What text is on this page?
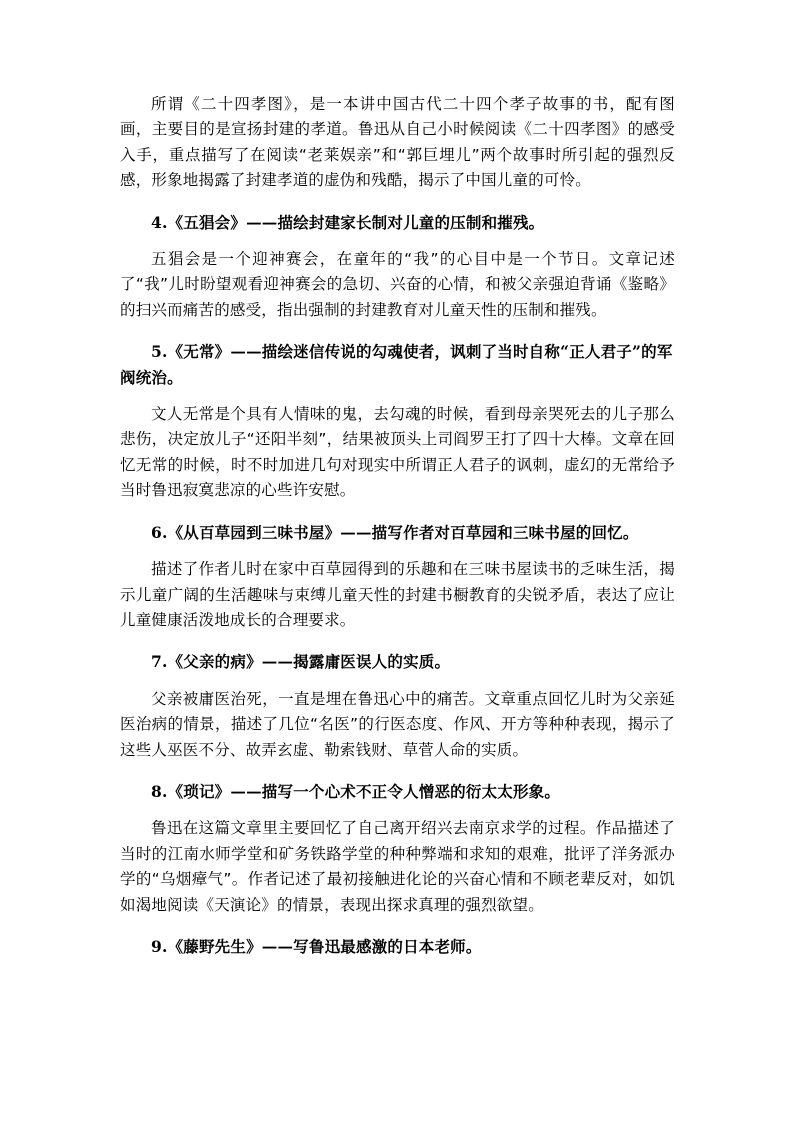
所谓《二十四孝图》，是一本讲中国古代二十四个孝子故事的书，配有图画，主要目的是宣扬封建的孝道。鲁迅从自己小时候阅读《二十四孝图》的感受入手，重点描写了在阅读“老莱娱亲”和“郭巨埋儿”两个故事时所引起的强烈反感，形象地揭露了封建孝道的虚伪和残酷，揭示了中国儿童的可怜。

4.《五猖会》——描绘封建家长制对儿童的压制和摧残。

五猖会是一个迎神赛会，在童年的“我”的心目中是一个节日。文章记述了“我”儿时盼望观看迎神赛会的急切、兴奋的心情，和被父亲强迫背诵《鉴略》的扫兴而痛苦的感受，指出强制的封建教育对儿童天性的压制和摧残。

5.《无常》——描绘迷信传说的勾魂使者，讽刺了当时自称“正人君子”的军阀统治。

文人无常是个具有人情味的鬼，去勾魂的时候，看到母亲哭死去的儿子那么悲伤，决定放儿子“还阳半刻”，结果被顶头上司阎罗王打了四十大棒。文章在回忆无常的时候，时不时加进几句对现实中所谓正人君子的讽刺，虚幻的无常给予当时鲁迅寂寞悲凉的心些许安慰。

6.《从百草园到三味书屋》——描写作者对百草园和三味书屋的回忆。

描述了作者儿时在家中百草园得到的乐趣和在三味书屋读书的乏味生活，揭示儿童广阔的生活趣味与束缚儿童天性的封建书橱教育的尖锐矛盾，表达了应让儿童健康活泼地成长的合理要求。

7.《父亲的病》——揭露庸医误人的实质。

父亲被庸医治死，一直是埋在鲁迅心中的痛苦。文章重点回忆儿时为父亲延医治病的情景，描述了几位“名医”的行医态度、作风、开方等种种表现，揭示了这些人巫医不分、故弄玄虚、勒索钱财、草菅人命的实质。

8.《琐记》——描写一个心术不正令人憎恶的衍太太形象。

鲁迅在这篇文章里主要回忆了自己离开绍兴去南京求学的过程。作品描述了当时的江南水师学堂和矿务铁路学堂的种种弊端和求知的艰难，批评了洋务派办学的“乌烟瘴气”。作者记述了最初接触进化论的兴奋心情和不顾老辈反对，如饥如渴地阅读《天演论》的情景，表现出探求真理的强烈欲望。

9.《藤野先生》——写鲁迅最感激的日本老师。
